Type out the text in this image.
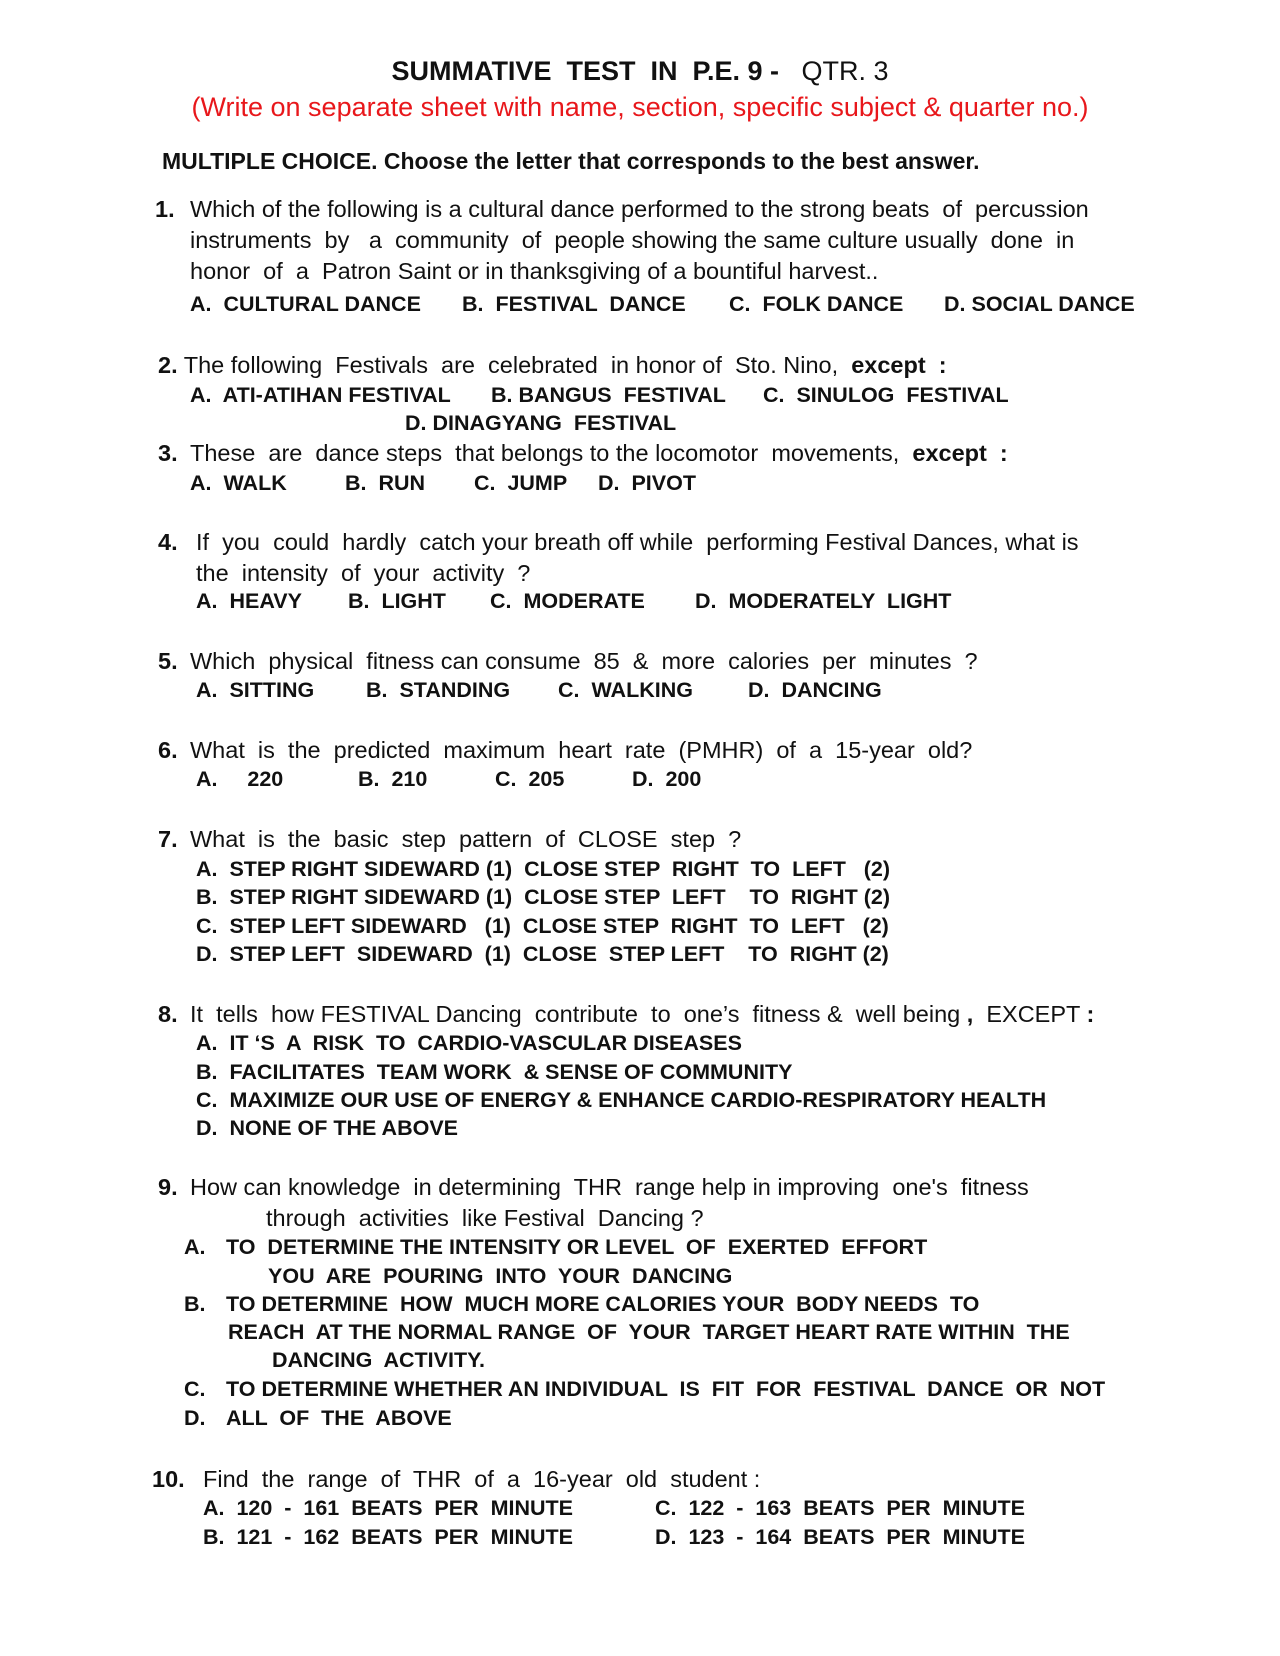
SUMMATIVE  TEST  IN  P.E. 9 - QTR. 3
(Write on separate sheet with name, section, specific subject & quarter no.)
MULTIPLE CHOICE. Choose the letter that corresponds to the best answer.
1. Which of the following is a cultural dance performed to the strong beats  of  percussion
instruments  by   a  community  of  people showing the same culture usually  done  in
honor  of  a  Patron Saint or in thanksgiving of a bountiful harvest..
A.  CULTURAL DANCE B.  FESTIVAL  DANCE C.  FOLK DANCE D. SOCIAL DANCE
2. The following  Festivals  are  celebrated  in honor of  Sto. Nino, except  :
A.  ATI-ATIHAN FESTIVAL B. BANGUS  FESTIVAL C.  SINULOG  FESTIVAL
D. DINAGYANG  FESTIVAL
3. These  are  dance steps  that belongs to the locomotor  movements, except  :
A.  WALK	B.  RUN C.  JUMP D.  PIVOT
4. If  you  could  hardly  catch your breath off while  performing Festival Dances, what is
the  intensity  of  your  activity  ?
A.  HEAVY B.  LIGHT C.  MODERATE D.  MODERATELY  LIGHT
5. Which  physical  fitness can consume  85  &  more  calories  per  minutes  ?
A.  SITTING B.  STANDING C.  WALKING	D.  DANCING
6. What  is  the  predicted  maximum  heart  rate  (PMHR)  of  a  15-year  old?
A.     220	B.  210	C.  205	D.  200
7. What  is  the  basic  step  pattern  of  CLOSE  step  ?
A.  STEP RIGHT SIDEWARD (1)  CLOSE STEP  RIGHT  TO  LEFT   (2)
B.  STEP RIGHT SIDEWARD (1)  CLOSE STEP  LEFT    TO  RIGHT (2)
C.  STEP LEFT SIDEWARD   (1)  CLOSE STEP  RIGHT  TO  LEFT   (2)
D.  STEP LEFT  SIDEWARD  (1)  CLOSE  STEP LEFT    TO  RIGHT (2)
8. It  tells  how FESTIVAL Dancing  contribute  to  one’s  fitness &  well being , EXCEPT :
A.  IT ‘S  A  RISK  TO  CARDIO-VASCULAR DISEASES
B.  FACILITATES  TEAM WORK  & SENSE OF COMMUNITY
C.  MAXIMIZE OUR USE OF ENERGY & ENHANCE CARDIO-RESPIRATORY HEALTH
D.  NONE OF THE ABOVE
9. How can knowledge  in determining  THR  range help in improving  one's  fitness
through  activities  like Festival  Dancing ?
A. TO  DETERMINE THE INTENSITY OR LEVEL  OF  EXERTED  EFFORT
YOU  ARE  POURING  INTO  YOUR  DANCING
B. TO DETERMINE  HOW  MUCH MORE CALORIES YOUR  BODY NEEDS  TO
REACH  AT THE NORMAL RANGE  OF  YOUR  TARGET HEART RATE WITHIN  THE
DANCING  ACTIVITY.
C. TO DETERMINE WHETHER AN INDIVIDUAL  IS  FIT  FOR  FESTIVAL  DANCE  OR  NOT
D. ALL  OF  THE  ABOVE
10. Find  the  range  of  THR  of  a  16-year  old  student :
A.  120  -  161  BEATS  PER  MINUTE	C.  122  -  163  BEATS  PER  MINUTE
B.  121  -  162  BEATS  PER  MINUTE	D.  123  -  164  BEATS  PER  MINUTE
